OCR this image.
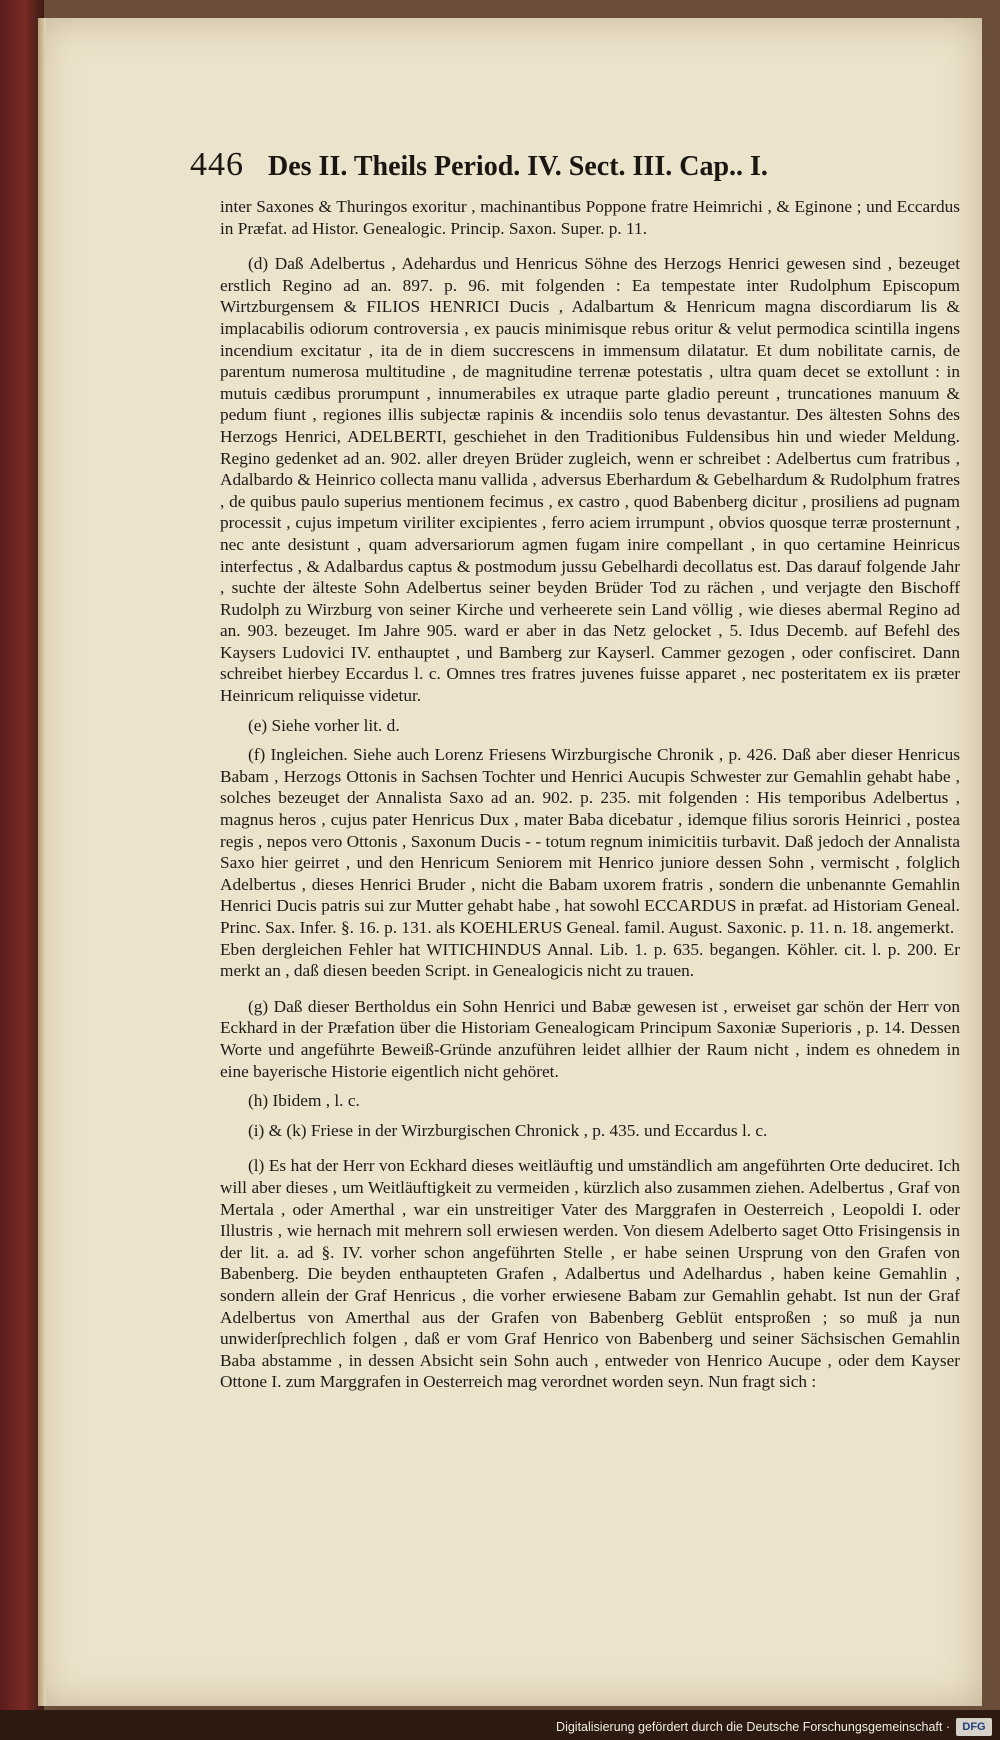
446 Des II. Theils Period. IV. Sect. III. Cap.. I.

inter Saxones & Thuringos exoritur , machinantibus Poppone fratre Heimrichi , & Eginone ; und Eccardus in Præfat. ad Histor. Genealogic. Princip. Saxon. Super. p. 11.

(d) Daß Adelbertus , Adehardus und Henricus Söhne des Herzogs Henrici gewesen sind , bezeuget erstlich Regino ad an. 897. p. 96. mit folgenden : Ea tempestate inter Rudolphum Episcopum Wirtzburgensem & FILIOS HENRICI Ducis , Adalbartum & Henricum magna discordiarum lis & implacabilis odiorum controversia , ex paucis minimisque rebus oritur & velut permodica scintilla ingens incendium excitatur , ita de in diem succrescens in immensum dilatatur. Et dum nobilitate carnis, de parentum numerosa multitudine , de magnitudine terrenæ potestatis , ultra quam decet se extollunt : in mutuis cædibus prorumpunt , innumerabiles ex utraque parte gladio pereunt , truncationes manuum & pedum fiunt , regiones illis subjectæ rapinis & incendiis solo tenus devastantur. Des ältesten Sohns des Herzogs Henrici, ADELBERTI, geschiehet in den Traditionibus Fuldensibus hin und wieder Meldung. Regino gedenket ad an. 902. aller dreyen Brüder zugleich, wenn er schreibet : Adelbertus cum fratribus , Adalbardo & Heinrico collecta manu vallida , adversus Eberhardum & Gebelhardum & Rudolphum fratres , de quibus paulo superius mentionem fecimus , ex castro , quod Babenberg dicitur , prosiliens ad pugnam processit , cujus impetum viriliter excipientes , ferro aciem irrumpunt , obvios quosque terræ prosternunt , nec ante desistunt , quam adversariorum agmen fugam inire compellant , in quo certamine Heinricus interfectus , & Adalbardus captus & postmodum jussu Gebelhardi decollatus est. Das darauf folgende Jahr , suchte der älteste Sohn Adelbertus seiner beyden Brüder Tod zu rächen , und verjagte den Bischoff Rudolph zu Wirzburg von seiner Kirche und verheerete sein Land völlig , wie dieses abermal Regino ad an. 903. bezeuget. Im Jahre 905. ward er aber in das Netz gelocket , 5. Idus Decemb. auf Befehl des Kaysers Ludovici IV. enthauptet , und Bamberg zur Kayserl. Cammer gezogen , oder confisciret. Dann schreibet hierbey Eccardus l. c. Omnes tres fratres juvenes fuisse apparet , nec posteritatem ex iis præter Heinricum reliquisse videtur.

(e) Siehe vorher lit. d.

(f) Ingleichen. Siehe auch Lorenz Friesens Wirzburgische Chronik , p. 426. Daß aber dieser Henricus Babam , Herzogs Ottonis in Sachsen Tochter und Henrici Aucupis Schwester zur Gemahlin gehabt habe , solches bezeuget der Annalista Saxo ad an. 902. p. 235. mit folgenden : His temporibus Adelbertus , magnus heros , cujus pater Henricus Dux , mater Baba dicebatur , idemque filius sororis Heinrici , postea regis , nepos vero Ottonis , Saxonum Ducis - - totum regnum inimicitiis turbavit. Daß jedoch der Annalista Saxo hier geirret , und den Henricum Seniorem mit Henrico juniore dessen Sohn , vermischt , folglich Adelbertus , dieses Henrici Bruder , nicht die Babam uxorem fratris , sondern die unbenannte Gemahlin Henrici Ducis patris sui zur Mutter gehabt habe , hat sowohl ECCARDUS in præfat. ad Historiam Geneal. Princ. Sax. Infer. §. 16. p. 131. als KOEHLERUS Geneal. famil. August. Saxonic. p. 11. n. 18. angemerkt.

Eben dergleichen Fehler hat WITICHINDUS Annal. Lib. 1. p. 635. begangen. Köhler. cit. l. p. 200. Er merkt an , daß diesen beeden Script. in Genealogicis nicht zu trauen.

(g) Daß dieser Bertholdus ein Sohn Henrici und Babæ gewesen ist , erweiset gar schön der Herr von Eckhard in der Præfation über die Historiam Genealogicam Principum Saxoniæ Superioris , p. 14. Dessen Worte und angeführte Beweiß-Gründe anzuführen leidet allhier der Raum nicht , indem es ohnedem in eine bayerische Historie eigentlich nicht gehöret.

(h) Ibidem , l. c.

(i) & (k) Friese in der Wirzburgischen Chronick , p. 435. und Eccardus l. c.

(l) Es hat der Herr von Eckhard dieses weitläuftig und umständlich am angeführten Orte deduciret. Ich will aber dieses , um Weitläuftigkeit zu vermeiden , kürzlich also zusammen ziehen. Adelbertus , Graf von Mertala , oder Amerthal , war ein unstreitiger Vater des Marggrafen in Oesterreich , Leopoldi I. oder Illustris , wie hernach mit mehrern soll erwiesen werden. Von diesem Adelberto saget Otto Frisingensis in der lit. a. ad §. IV. vorher schon angeführten Stelle , er habe seinen Ursprung von den Grafen von Babenberg. Die beyden enthaupteten Grafen , Adalbertus und Adelhardus , haben keine Gemahlin , sondern allein der Graf Henricus , die vorher erwiesene Babam zur Gemahlin gehabt. Ist nun der Graf Adelbertus von Amerthal aus der Grafen von Babenberg Geblüt entsproßen ; so muß ja nun unwiderſprechlich folgen , daß er vom Graf Henrico von Babenberg und seiner Sächsischen Gemahlin Baba abstamme , in dessen Absicht sein Sohn auch , entweder von Henrico Aucupe , oder dem Kayser Ottone I. zum Marggrafen in Oesterreich mag verordnet worden seyn. Nun fragt sich :

Digitalisierung gefördert durch die Deutsche Forschungsgemeinschaft ·	DFG
